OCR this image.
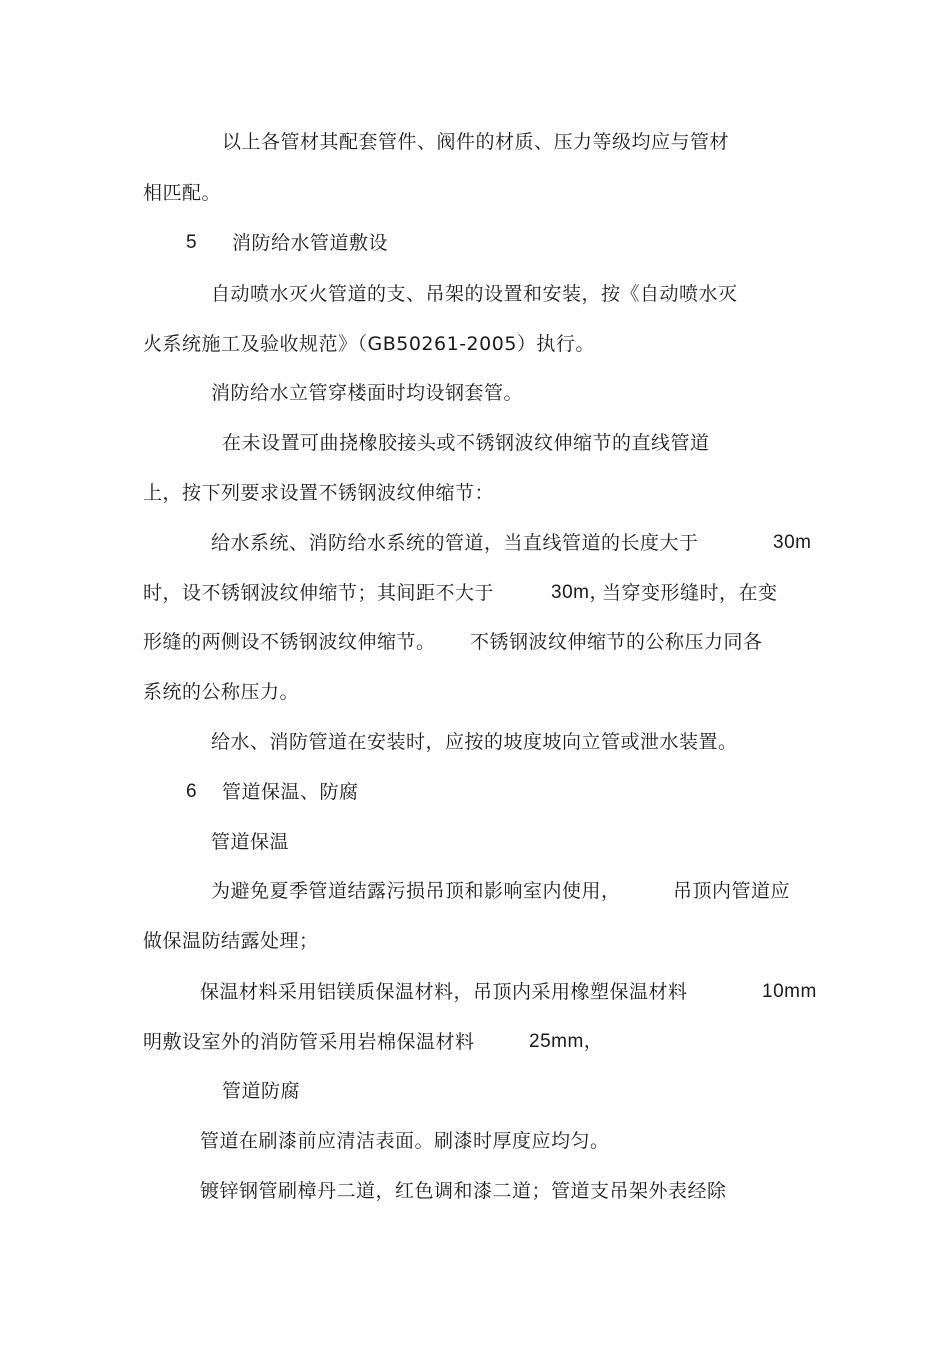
以上各管材其配套管件、阀件的材质、压力等级均应与管材
相匹配。
5 消防给水管道敷设
自动喷水灭火管道的支、吊架的设置和安装，按《自动喷水灭
火系统施工及验收规范》（GB50261-2005）执行。
消防给水立管穿楼面时均设钢套管。
在未设置可曲挠橡胶接头或不锈钢波纹伸缩节的直线管道
上，按下列要求设置不锈钢波纹伸缩节：
给水系统、消防给水系统的管道，当直线管道的长度大于	30m
时，设不锈钢波纹伸缩节；其间距不大于	30m，
当穿变形缝时，在变
形缝的两侧设不锈钢波纹伸缩节。 不锈钢波纹伸缩节的公称压力同各
系统的公称压力。
给水、消防管道在安装时，应按的坡度坡向立管或泄水装置。
6 管道保温、防腐
管道保温
为避免夏季管道结露污损吊顶和影响室内使用，	吊顶内管道应
做保温防结露处理；
保温材料采用铝镁质保温材料，吊顶内采用橡塑保温材料	10mm
明敷设室外的消防管采用岩棉保温材料	25mm，
管道防腐
管道在刷漆前应清洁表面。刷漆时厚度应均匀。
镀锌钢管刷樟丹二道，红色调和漆二道；管道支吊架外表经除
